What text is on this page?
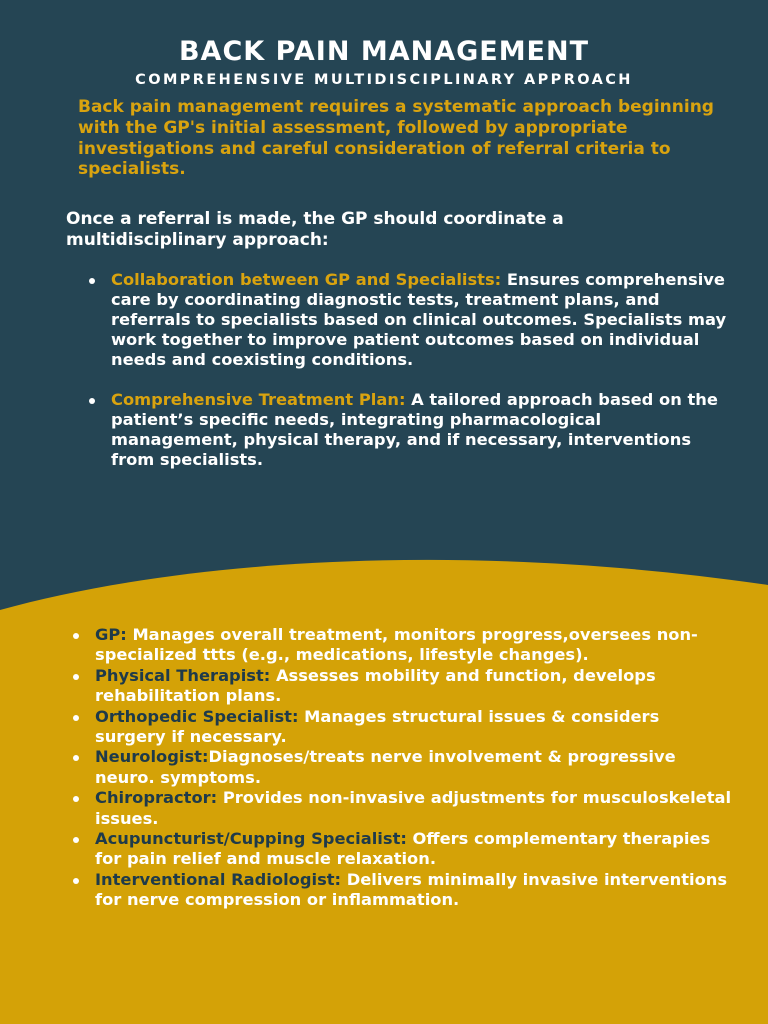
BACK PAIN MANAGEMENT
COMPREHENSIVE MULTIDISCIPLINARY APPROACH

Back pain management requires a systematic approach beginning with the GP's initial assessment, followed by appropriate investigations and careful consideration of referral criteria to specialists.

Once a referral is made, the GP should coordinate a multidisciplinary approach:

Collaboration between GP and Specialists: Ensures comprehensive care by coordinating diagnostic tests, treatment plans, and referrals to specialists based on clinical outcomes. Specialists may work together to improve patient outcomes based on individual needs and coexisting conditions.
Comprehensive Treatment Plan: A tailored approach based on the patient’s specific needs, integrating pharmacological management, physical therapy, and if necessary, interventions from specialists.
GP: Manages overall treatment, monitors progress,oversees non-specialized ttts (e.g., medications, lifestyle changes).
Physical Therapist: Assesses mobility and function, develops rehabilitation plans.
Orthopedic Specialist: Manages structural issues & considers surgery if necessary.
Neurologist:Diagnoses/treats nerve involvement & progressive neuro. symptoms.
Chiropractor: Provides non-invasive adjustments for musculoskeletal issues.
Acupuncturist/Cupping Specialist: Offers complementary therapies for pain relief and muscle relaxation.
Interventional Radiologist: Delivers minimally invasive interventions for nerve compression or inflammation.
